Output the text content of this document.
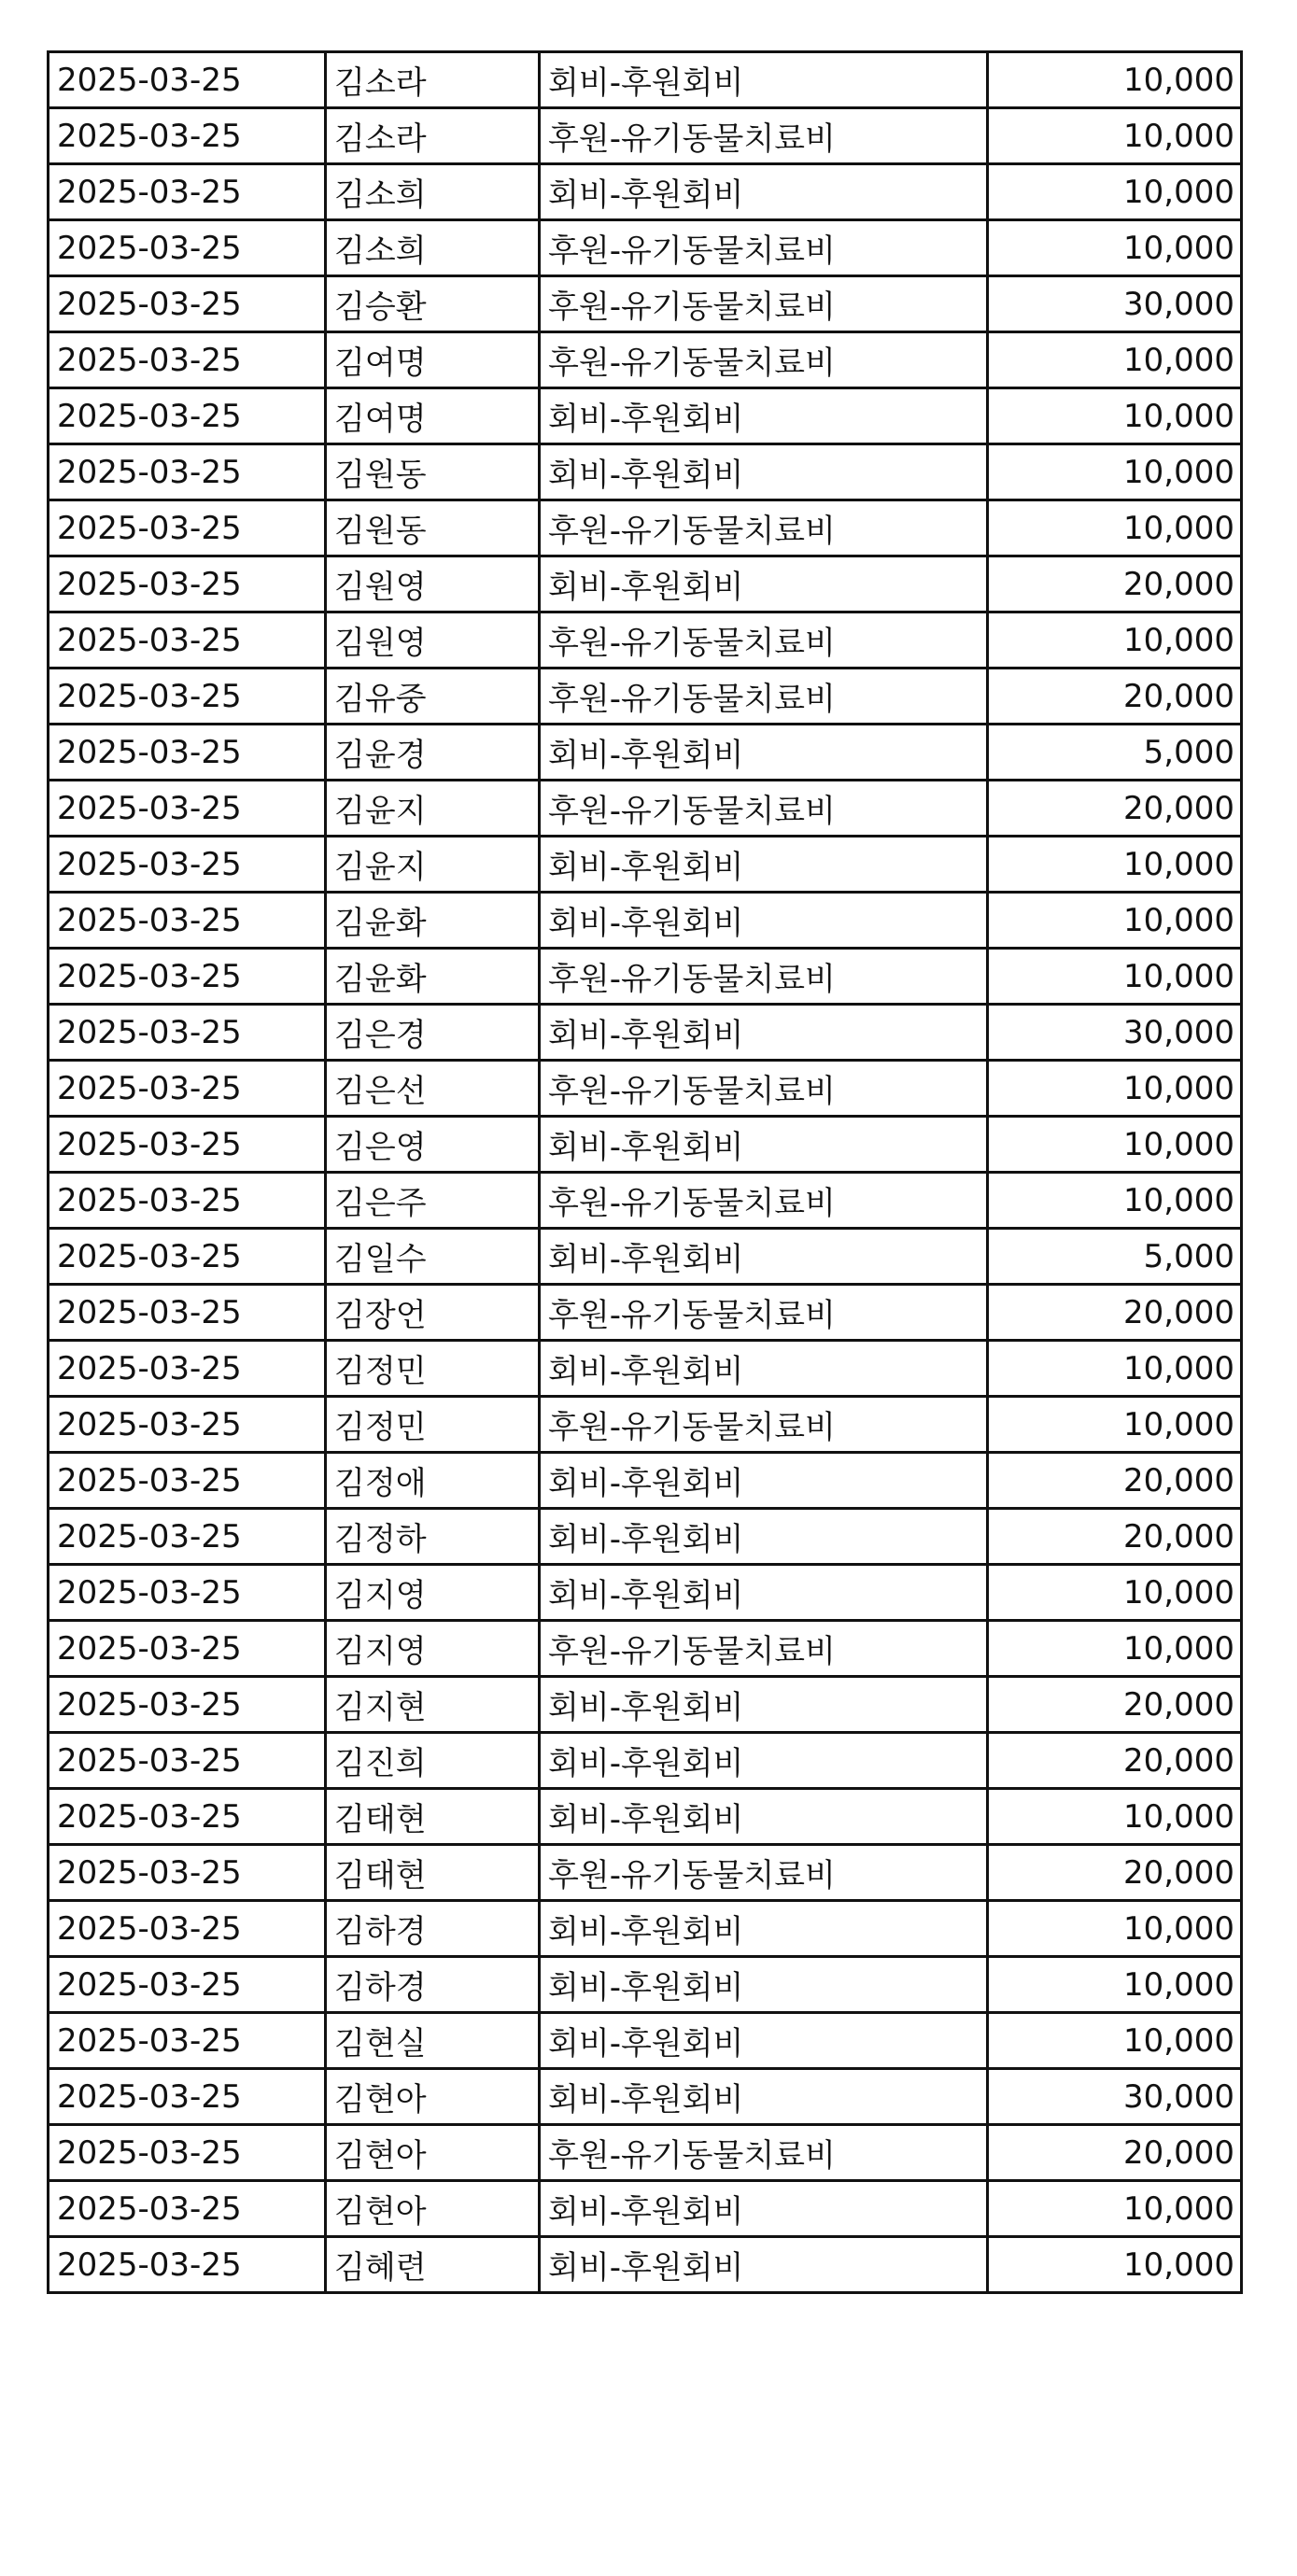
2025-03-25	김소라	회비-후원회비	10,000
2025-03-25	김소라	후원-유기동물치료비	10,000
2025-03-25	김소희	회비-후원회비	10,000
2025-03-25	김소희	후원-유기동물치료비	10,000
2025-03-25	김승환	후원-유기동물치료비	30,000
2025-03-25	김여명	후원-유기동물치료비	10,000
2025-03-25	김여명	회비-후원회비	10,000
2025-03-25	김원동	회비-후원회비	10,000
2025-03-25	김원동	후원-유기동물치료비	10,000
2025-03-25	김원영	회비-후원회비	20,000
2025-03-25	김원영	후원-유기동물치료비	10,000
2025-03-25	김유중	후원-유기동물치료비	20,000
2025-03-25	김윤경	회비-후원회비	5,000
2025-03-25	김윤지	후원-유기동물치료비	20,000
2025-03-25	김윤지	회비-후원회비	10,000
2025-03-25	김윤화	회비-후원회비	10,000
2025-03-25	김윤화	후원-유기동물치료비	10,000
2025-03-25	김은경	회비-후원회비	30,000
2025-03-25	김은선	후원-유기동물치료비	10,000
2025-03-25	김은영	회비-후원회비	10,000
2025-03-25	김은주	후원-유기동물치료비	10,000
2025-03-25	김일수	회비-후원회비	5,000
2025-03-25	김장언	후원-유기동물치료비	20,000
2025-03-25	김정민	회비-후원회비	10,000
2025-03-25	김정민	후원-유기동물치료비	10,000
2025-03-25	김정애	회비-후원회비	20,000
2025-03-25	김정하	회비-후원회비	20,000
2025-03-25	김지영	회비-후원회비	10,000
2025-03-25	김지영	후원-유기동물치료비	10,000
2025-03-25	김지현	회비-후원회비	20,000
2025-03-25	김진희	회비-후원회비	20,000
2025-03-25	김태현	회비-후원회비	10,000
2025-03-25	김태현	후원-유기동물치료비	20,000
2025-03-25	김하경	회비-후원회비	10,000
2025-03-25	김하경	회비-후원회비	10,000
2025-03-25	김현실	회비-후원회비	10,000
2025-03-25	김현아	회비-후원회비	30,000
2025-03-25	김현아	후원-유기동물치료비	20,000
2025-03-25	김현아	회비-후원회비	10,000
2025-03-25	김혜련	회비-후원회비	10,000
